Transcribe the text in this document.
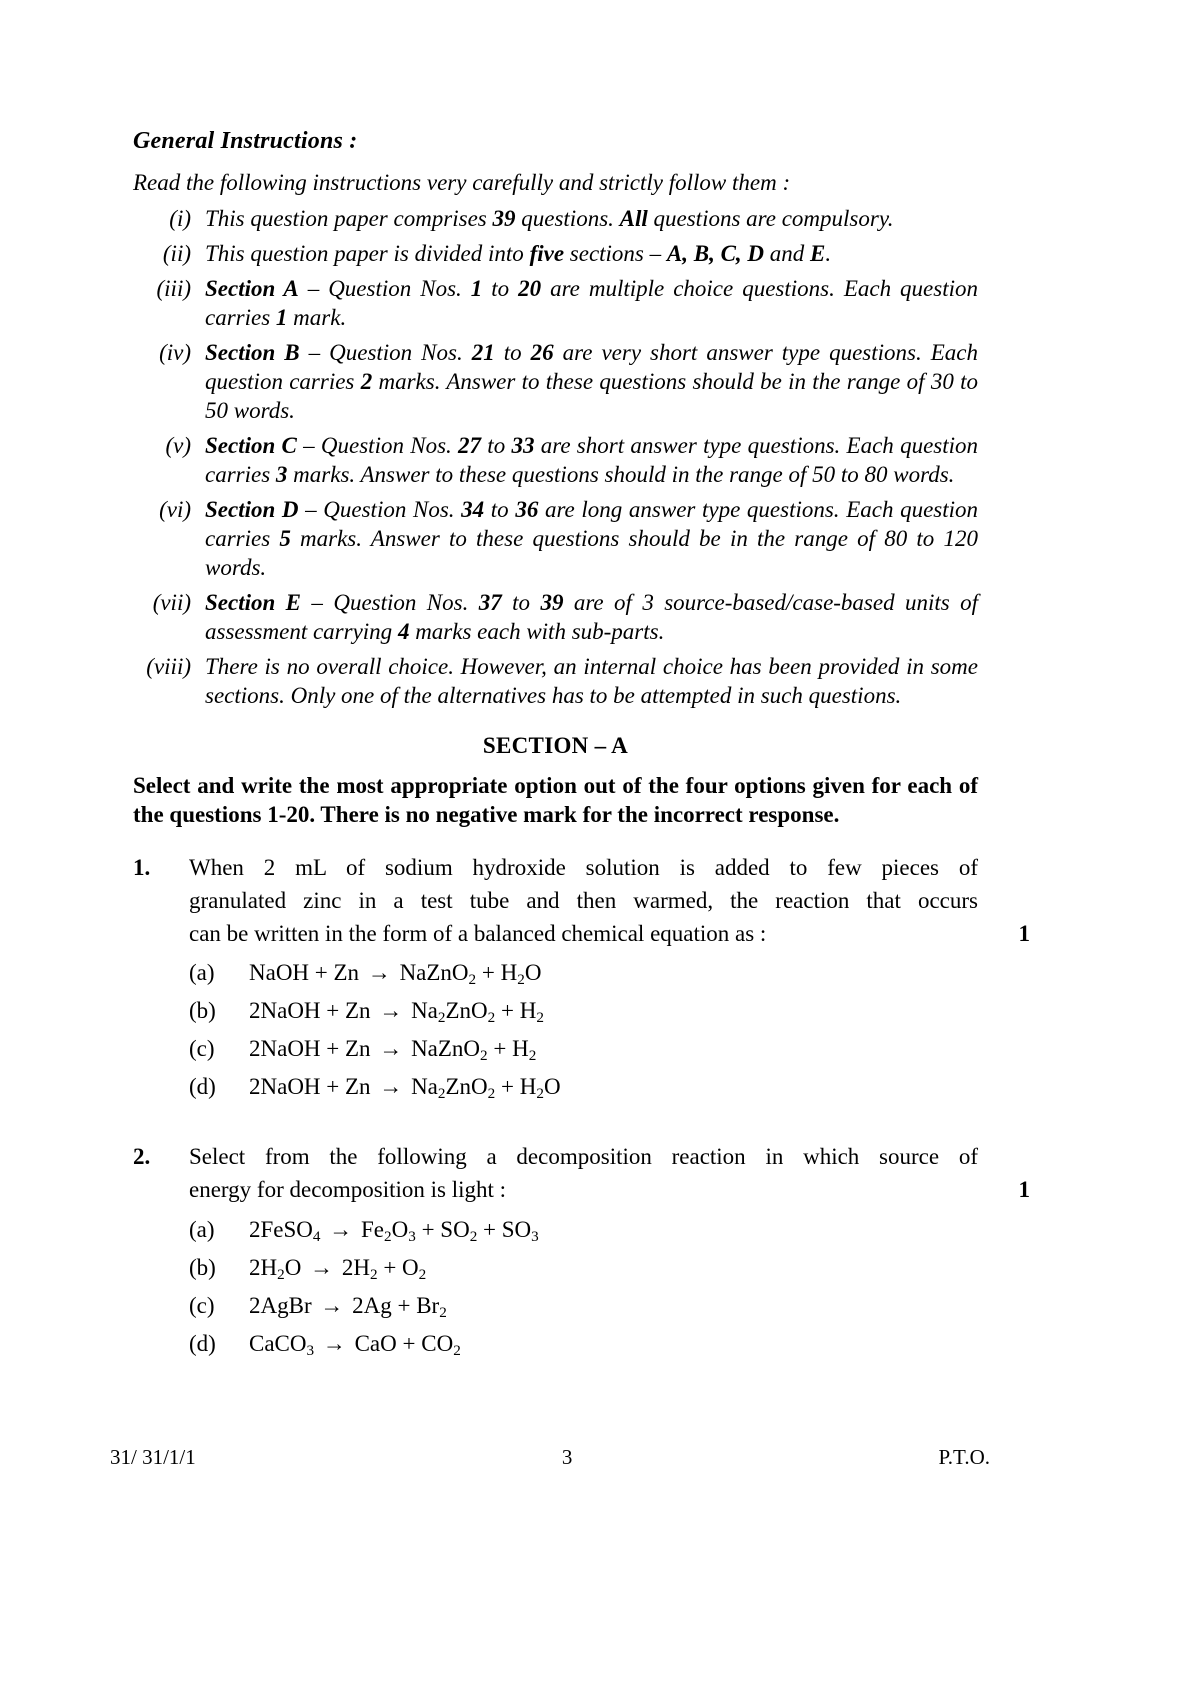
General Instructions :
Read the following instructions very carefully and strictly follow them :
(i) This question paper comprises 39 questions. All questions are compulsory.
(ii) This question paper is divided into five sections – A, B, C, D and E.
(iii) Section A – Question Nos. 1 to 20 are multiple choice questions. Each question carries 1 mark.
(iv) Section B – Question Nos. 21 to 26 are very short answer type questions. Each question carries 2 marks. Answer to these questions should be in the range of 30 to 50 words.
(v) Section C – Question Nos. 27 to 33 are short answer type questions. Each question carries 3 marks. Answer to these questions should in the range of 50 to 80 words.
(vi) Section D – Question Nos. 34 to 36 are long answer type questions. Each question carries 5 marks. Answer to these questions should be in the range of 80 to 120 words.
(vii) Section E – Question Nos. 37 to 39 are of 3 source-based/case-based units of assessment carrying 4 marks each with sub-parts.
(viii) There is no overall choice. However, an internal choice has been provided in some sections. Only one of the alternatives has to be attempted in such questions.
SECTION – A
Select and write the most appropriate option out of the four options given for each of the questions 1-20. There is no negative mark for the incorrect response.
1.	When 2 mL of sodium hydroxide solution is added to few pieces of
granulated zinc in a test tube and then warmed, the reaction that occurs
can be written in the form of a balanced chemical equation as :	1
(a)	NaOH + Zn → NaZnO$_2$ + $H_2O$
(b)	2NaOH + $Zn \to Na_2ZnO_2 + H_2$
(c)	2NaOH + Zn → NaZnO$_2$ + $H_2$
(d)	2NaOH + $Zn \to Na_2ZnO_2 + H_2O$
2.	Select from the following a decomposition reaction in which source of
energy for decomposition is light :	1
(a)	2FeSO$_4$ → $Fe_2O_3 + SO_2 + SO_3$
(b)	$2H_2O \to 2H_2 + O_2$
(c)	2AgBr → $2Ag + Br_2$
(d)	CaCO$_3$ → CaO + $CO_2$
31/ 31/1/1	3	P.T.O.
